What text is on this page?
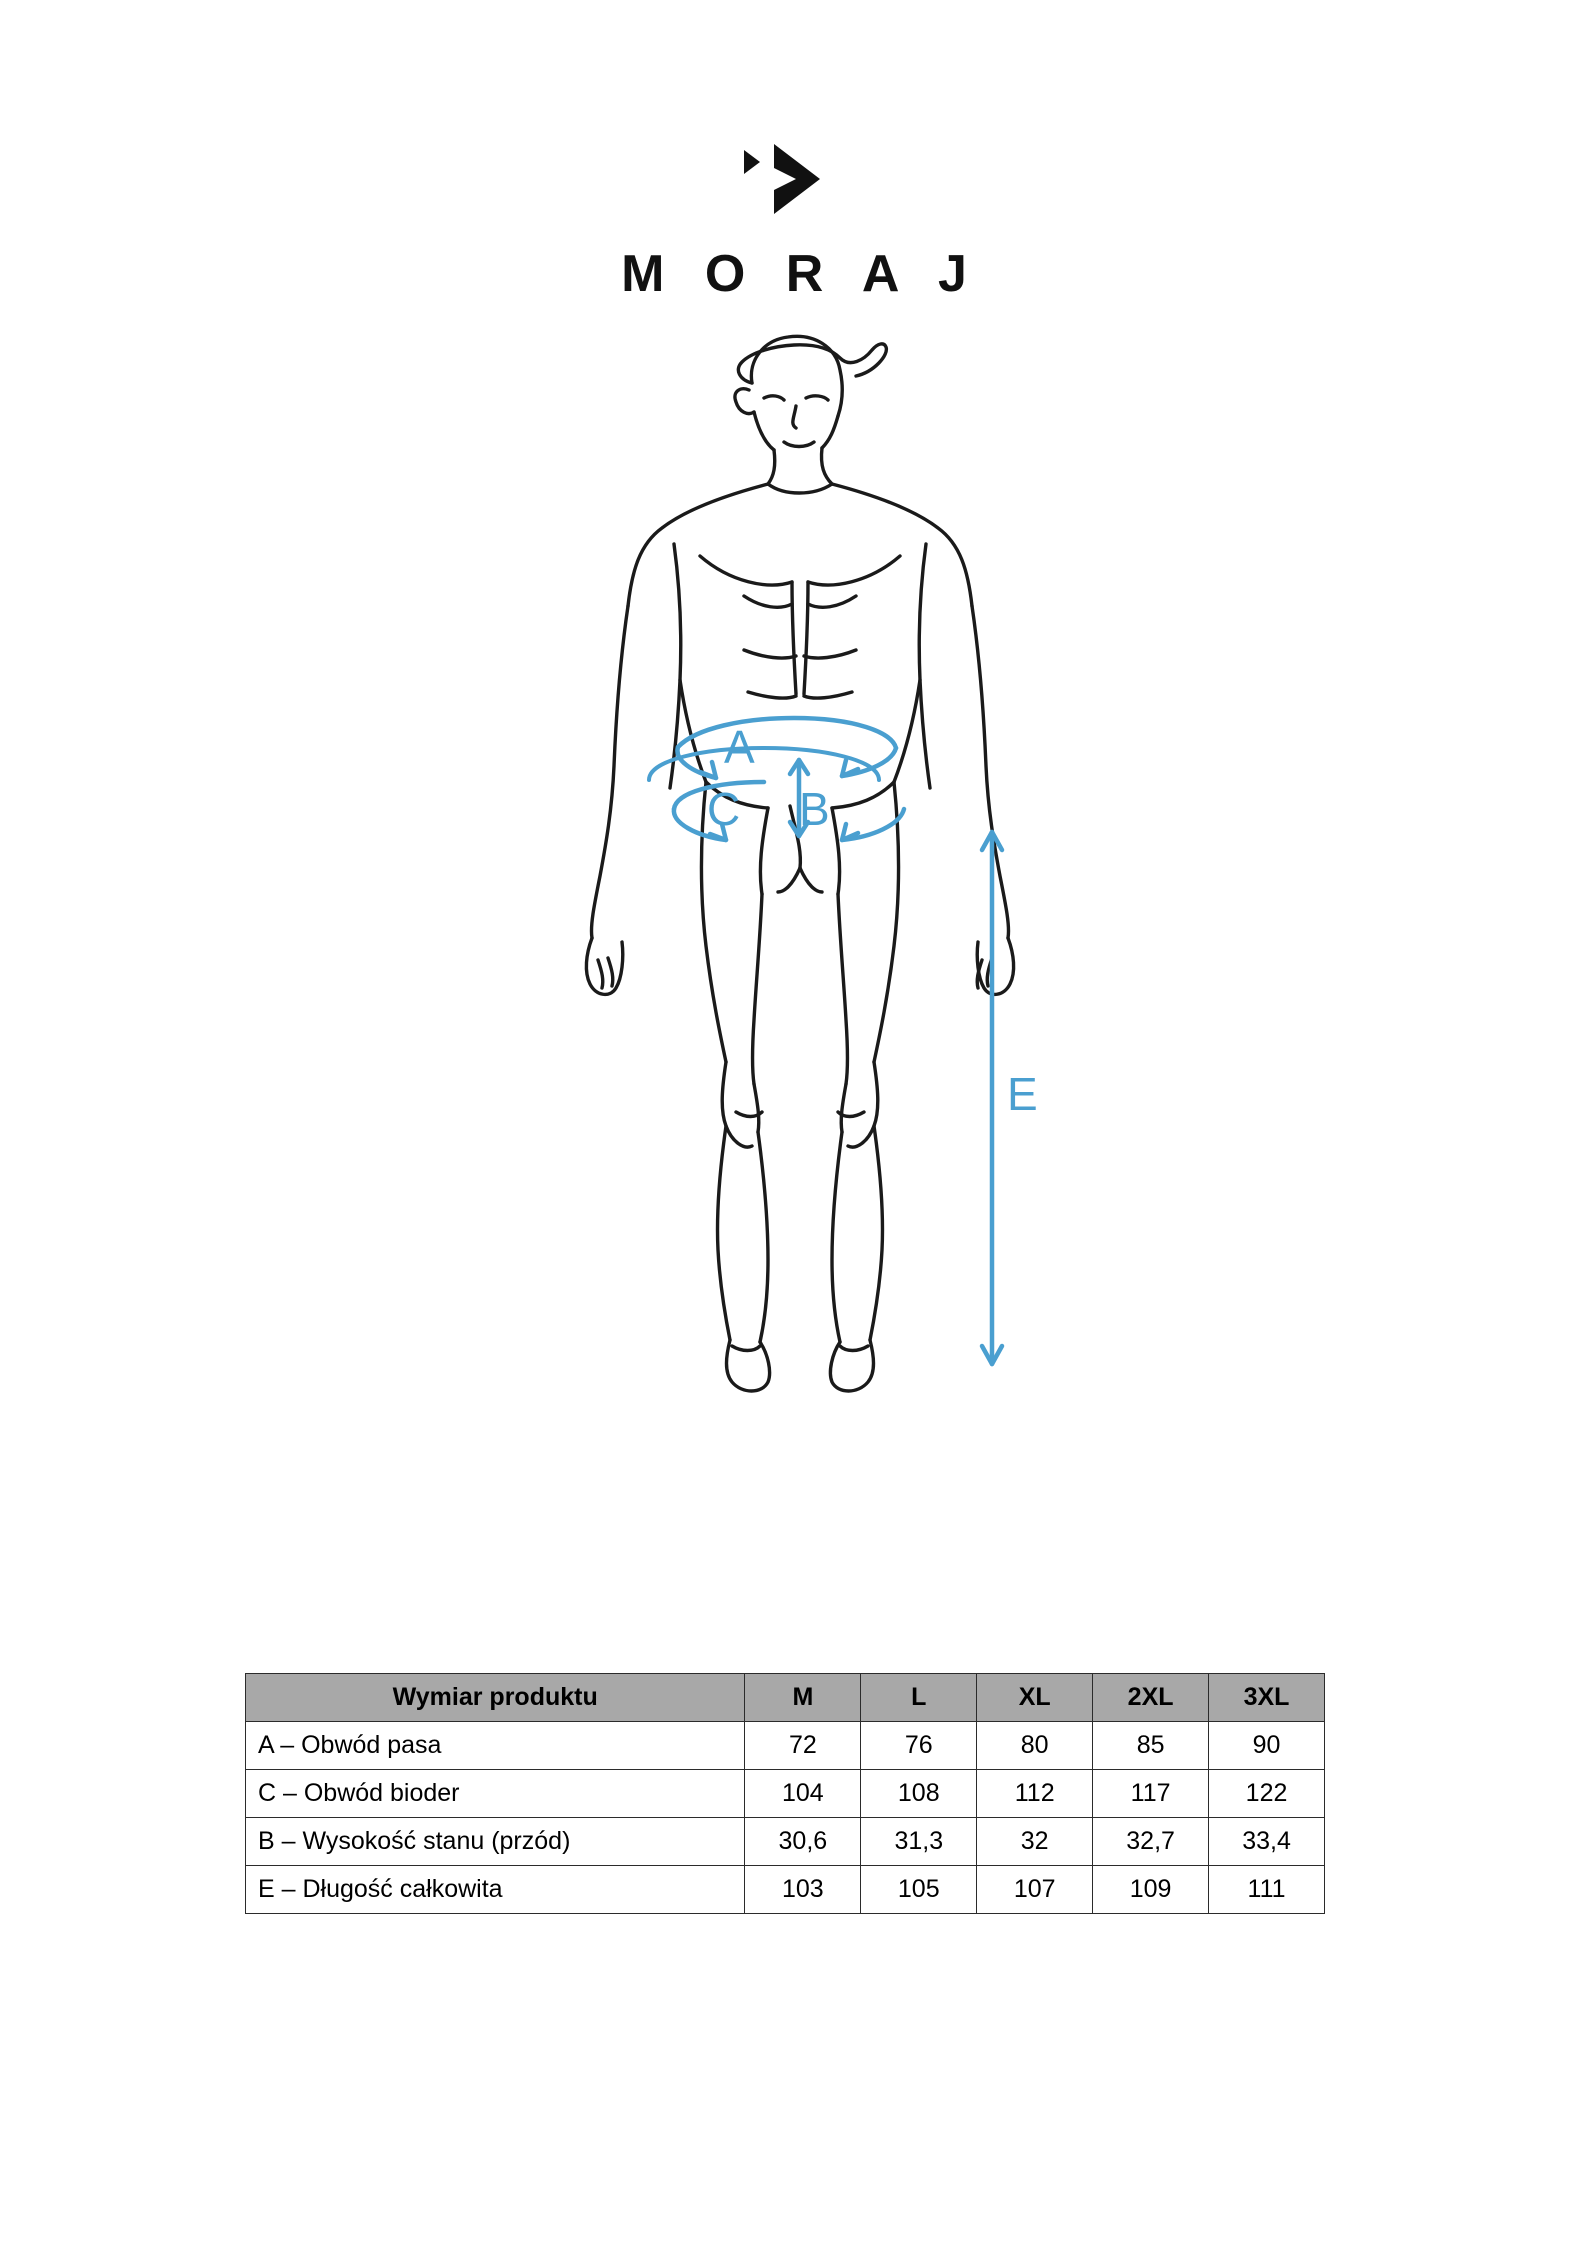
M O R A J
A
B
C
E
Wymiar produktu	M	L	XL	2XL	3XL
A – Obwód pasa	72	76	80	85	90
C – Obwód bioder	104	108	112	117	122
B – Wysokość stanu (przód)	30,6	31,3	32	32,7	33,4
E – Długość całkowita	103	105	107	109	111
